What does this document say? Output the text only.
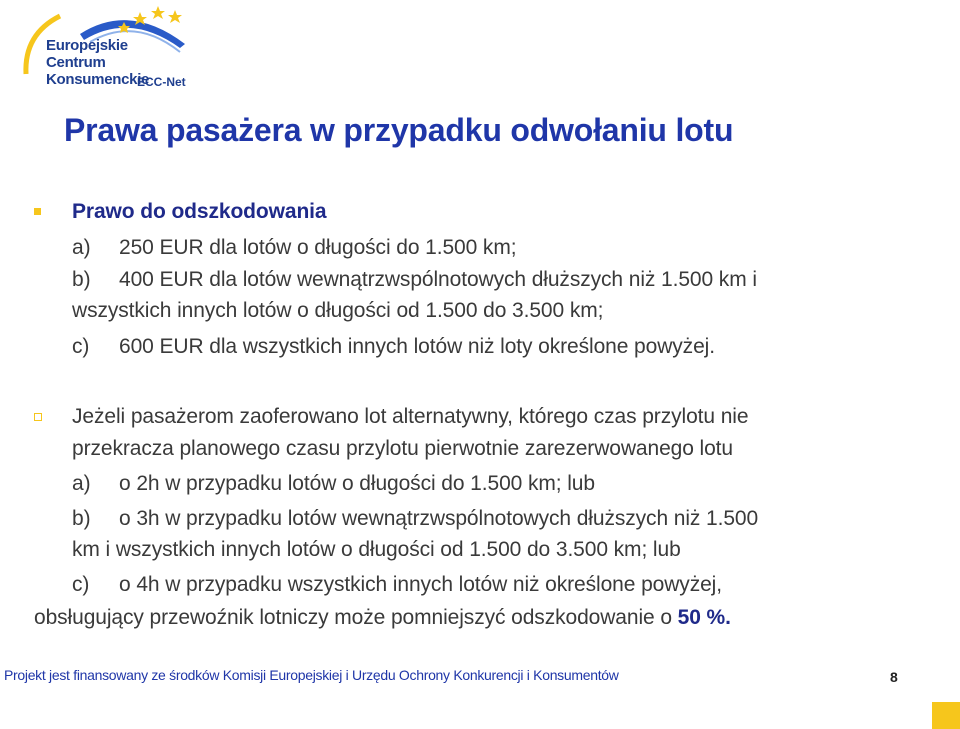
Europejskie
Centrum
Konsumenckie
ECC-Net
Prawa pasażera w przypadku odwołaniu lotu
Prawo do odszkodowania
a) 250 EUR dla lotów o długości do 1.500 km;
b) 400 EUR dla lotów wewnątrzwspólnotowych dłuższych niż 1.500 km i
wszystkich innych lotów o długości od 1.500 do 3.500 km;
c) 600 EUR dla wszystkich innych lotów niż loty określone powyżej.
Jeżeli pasażerom zaoferowano lot alternatywny, którego czas przylotu nie
przekracza planowego czasu przylotu pierwotnie zarezerwowanego lotu
a) o 2h w przypadku lotów o długości do 1.500 km; lub
b) o 3h w przypadku lotów wewnątrzwspólnotowych dłuższych niż 1.500
km i wszystkich innych lotów o długości od 1.500 do 3.500 km; lub
c) o 4h w przypadku wszystkich innych lotów niż określone powyżej,
obsługujący przewoźnik lotniczy może pomniejszyć odszkodowanie o 50 %.
Projekt jest finansowany ze środków Komisji Europejskiej i Urzędu Ochrony Konkurencji i Konsumentów	8
